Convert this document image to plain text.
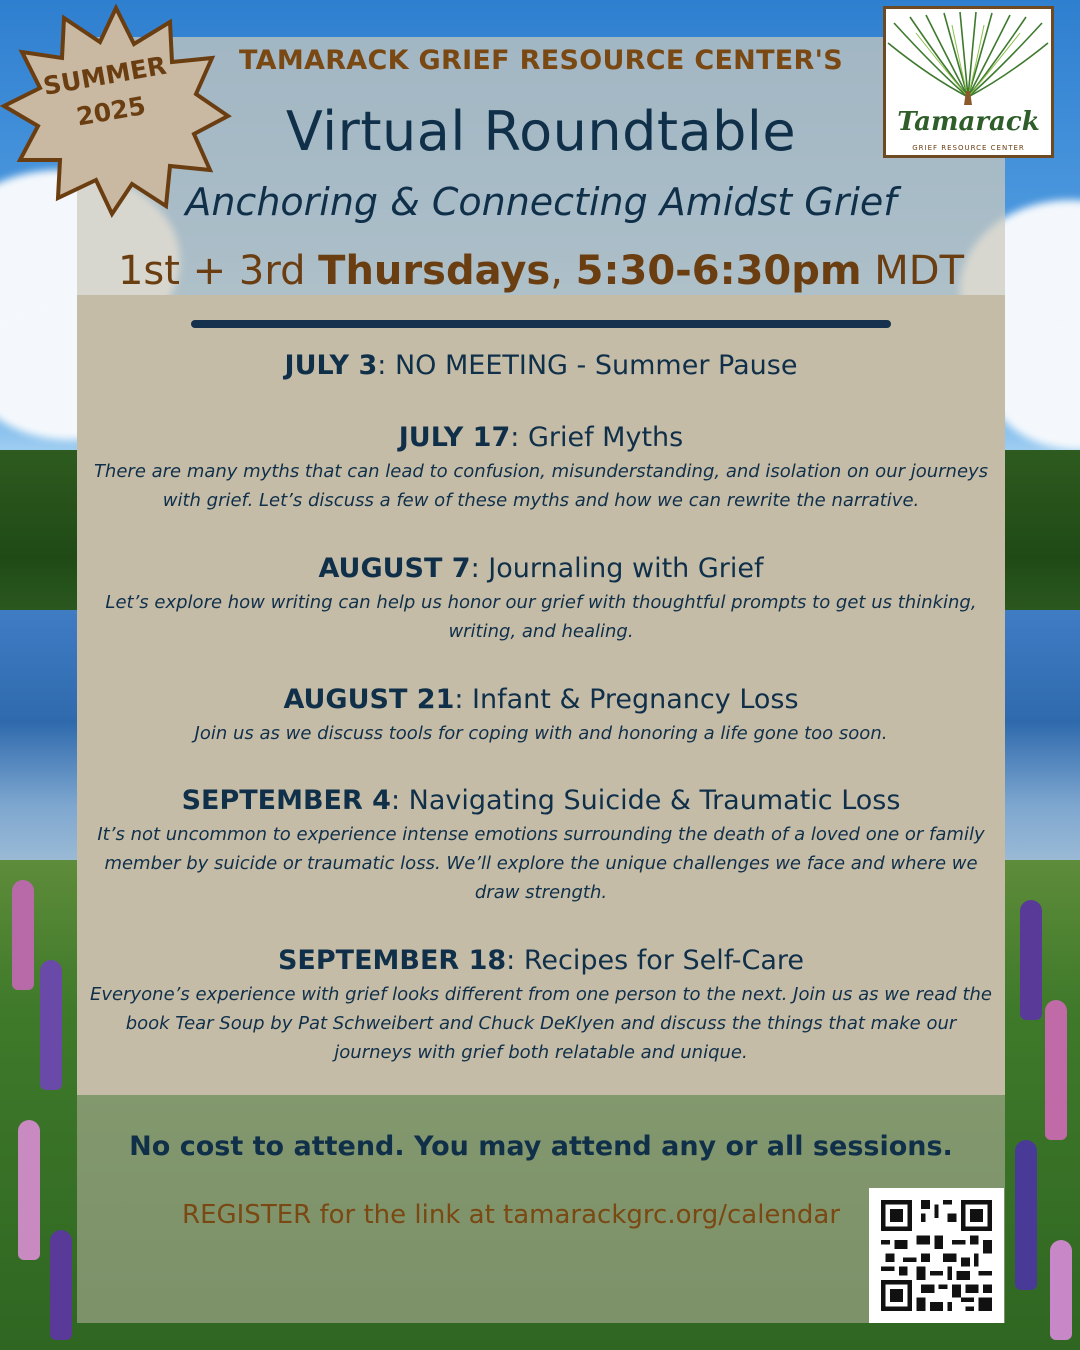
TAMARACK GRIEF RESOURCE CENTER'S
Virtual Roundtable
Anchoring & Connecting Amidst Grief
1st + 3rd Thursdays, 5:30-6:30pm MDT
JULY 3: NO MEETING - Summer Pause
JULY 17: Grief Myths
There are many myths that can lead to confusion, misunderstanding, and isolation on our journeys with grief. Let’s discuss a few of these myths and how we can rewrite the narrative.
AUGUST 7: Journaling with Grief
Let’s explore how writing can help us honor our grief with thoughtful prompts to get us thinking, writing, and healing.
AUGUST 21: Infant & Pregnancy Loss
Join us as we discuss tools for coping with and honoring a life gone too soon.
SEPTEMBER 4: Navigating Suicide & Traumatic Loss
It’s not uncommon to experience intense emotions surrounding the death of a loved one or family member by suicide or traumatic loss. We’ll explore the unique challenges we face and where we draw strength.
SEPTEMBER 18: Recipes for Self-Care
Everyone’s experience with grief looks different from one person to the next. Join us as we read the book Tear Soup by Pat Schweibert and Chuck DeKlyen and discuss the things that make our journeys with grief both relatable and unique.
No cost to attend. You may attend any or all sessions.
REGISTER for the link at tamarackgrc.org/calendar
SUMMER
2025	Tamarack
GRIEF RESOURCE CENTER
